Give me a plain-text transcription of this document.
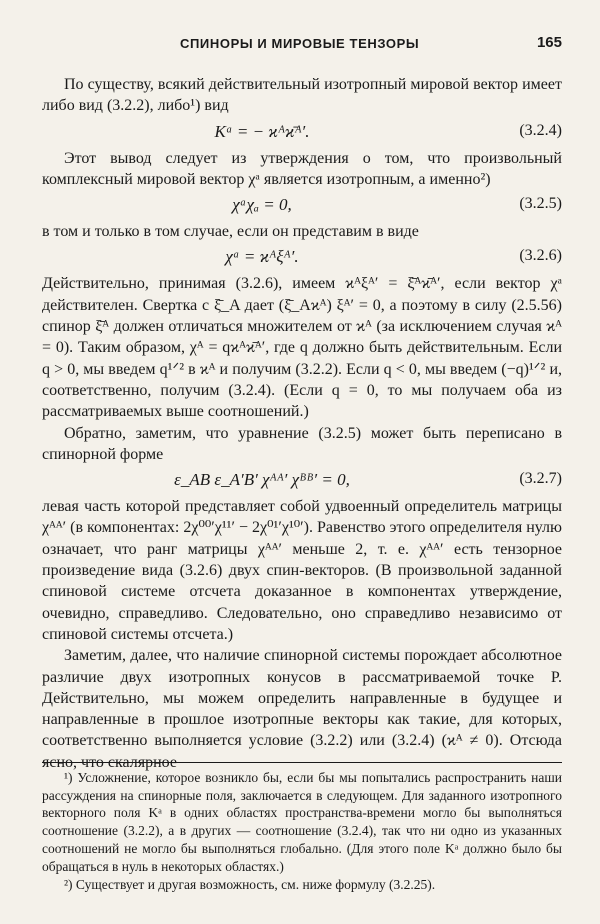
СПИНОРЫ И МИРОВЫЕ ТЕНЗОРЫ	165

По существу, всякий действительный изотропный мировой вектор имеет либо вид (3.2.2), либо¹) вид

Kᵃ = − ϰᴬϰ̄ᴬ′.	(3.2.4)

Этот вывод следует из утверждения о том, что произвольный комплексный мировой вектор χᵃ является изотропным, а именно²)

χᵃχₐ = 0,	(3.2.5)

в том и только в том случае, если он представим в виде

χᵃ = ϰᴬξᴬ′.	(3.2.6)

Действительно, принимая (3.2.6), имеем ϰᴬξᴬ′ = ξ̄ᴬϰ̄ᴬ′, если вектор χᵃ действителен. Свертка с ξ̄_A дает (ξ̄_Aϰᴬ) ξᴬ′ = 0, а поэтому в силу (2.5.56) спинор ξ̄ᴬ должен отличаться множителем от ϰᴬ (за исключением случая ϰᴬ = 0). Таким образом, χᴬ = qϰᴬϰ̄ᴬ′, где q должно быть действительным. Если q > 0, мы введем q¹ᐟ² в ϰᴬ и получим (3.2.2). Если q < 0, мы введем (−q)¹ᐟ² и, соответственно, получим (3.2.4). (Если q = 0, то мы получаем оба из рассматриваемых выше соотношений.)

Обратно, заметим, что уравнение (3.2.5) может быть переписано в спинорной форме

ε_AB ε_A′B′ χᴬᴬ′ χᴮᴮ′ = 0,	(3.2.7)

левая часть которой представляет собой удвоенный определитель матрицы χᴬᴬ′ (в компонентах: 2χ⁰⁰′χ¹¹′ − 2χ⁰¹′χ¹⁰′). Равенство этого определителя нулю означает, что ранг матрицы χᴬᴬ′ меньше 2, т. е. χᴬᴬ′ есть тензорное произведение вида (3.2.6) двух спин-векторов. (В произвольной заданной спиновой системе отсчета доказанное в компонентах утверждение, очевидно, справедливо. Следовательно, оно справедливо независимо от спиновой системы отсчета.)

Заметим, далее, что наличие спинорной системы порождает абсолютное различие двух изотропных конусов в рассматриваемой точке P. Действительно, мы можем определить направленные в будущее и направленные в прошлое изотропные векторы как такие, для которых, соответственно выполняется условие (3.2.2) или (3.2.4) (ϰᴬ ≠ 0). Отсюда ясно, что скалярное

¹) Усложнение, которое возникло бы, если бы мы попытались распространить наши рассуждения на спинорные поля, заключается в следующем. Для заданного изотропного векторного поля Kᵃ в одних областях пространства-времени могло бы выполняться соотношение (3.2.2), а в других — соотношение (3.2.4), так что ни одно из указанных соотношений не могло бы выполняться глобально. (Для этого поле Kᵃ должно было бы обращаться в нуль в некоторых областях.)

²) Существует и другая возможность, см. ниже формулу (3.2.25).
